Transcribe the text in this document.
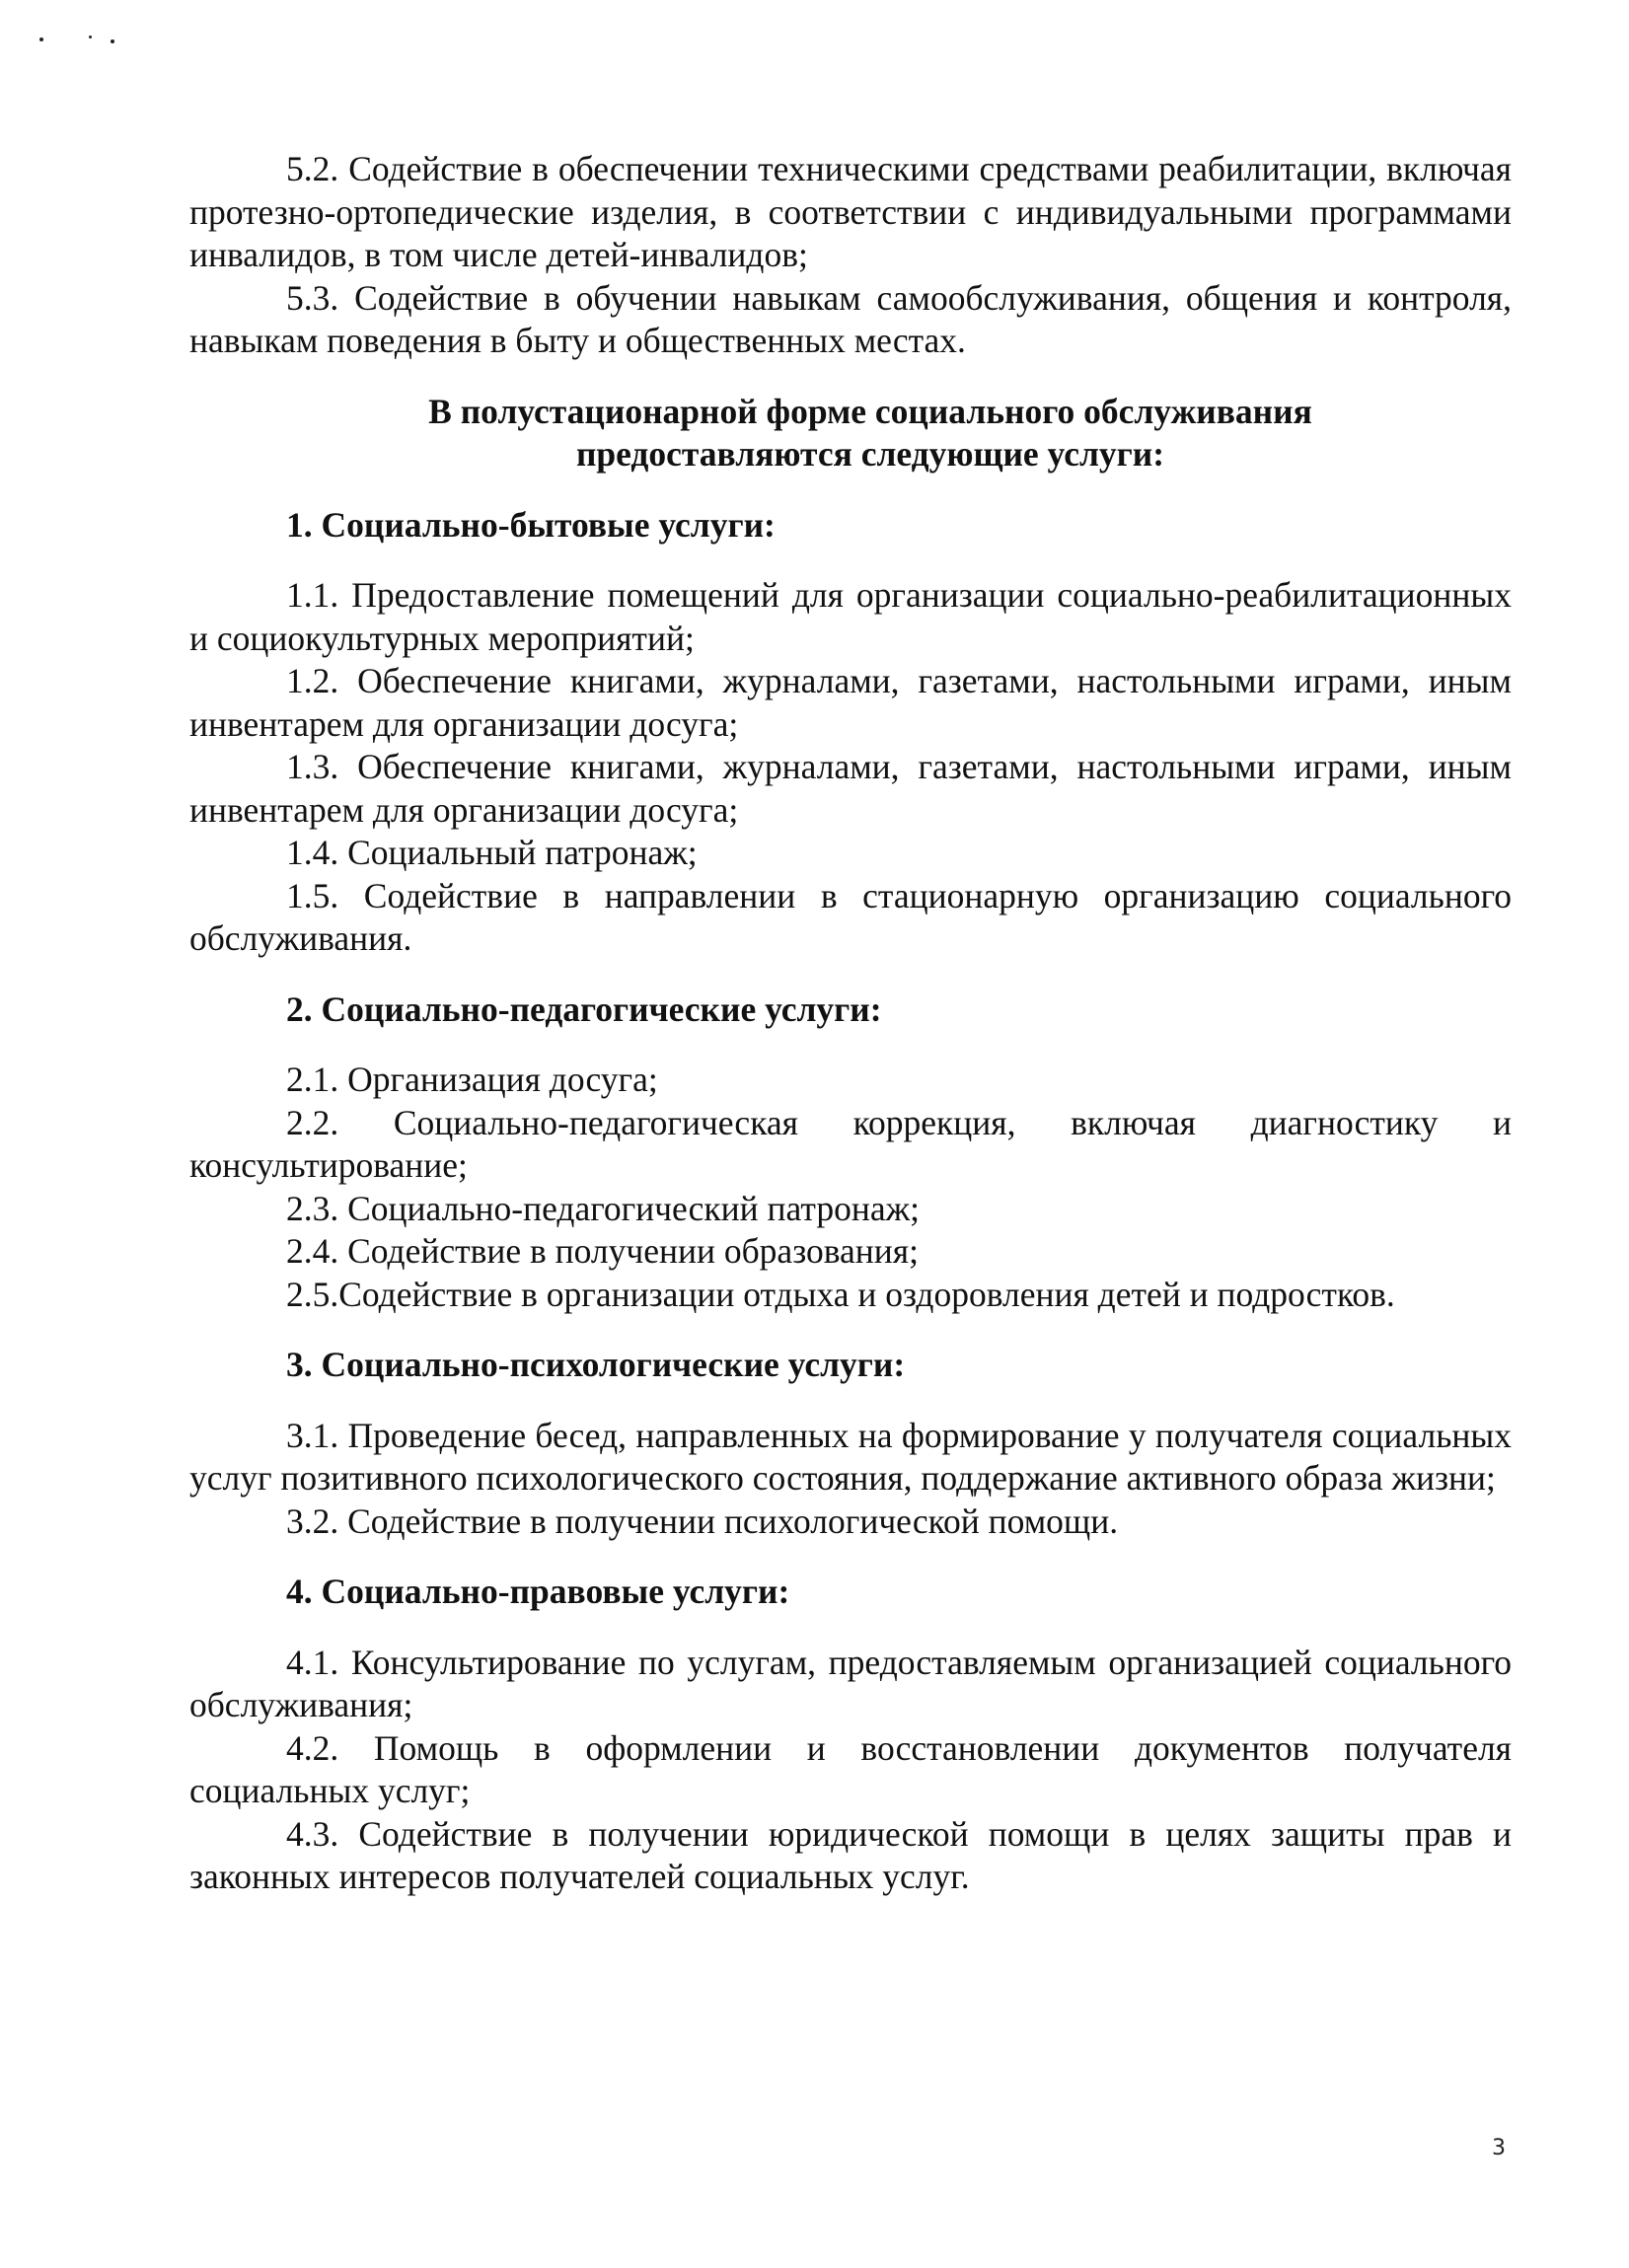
5.2. Содействие в обеспечении техническими средствами реабилитации, включая протезно-ортопедические изделия, в соответствии с индивидуальными программами инвалидов, в том числе детей-инвалидов;

5.3. Содействие в обучении навыкам самообслуживания, общения и контроля, навыкам поведения в быту и общественных местах.

В полустационарной форме социального обслуживания

предоставляются следующие услуги:

1. Социально-бытовые услуги:

1.1. Предоставление помещений для организации социально-реабилитационных и социокультурных мероприятий;

1.2. Обеспечение книгами, журналами, газетами, настольными играми, иным инвентарем для организации досуга;

1.3. Обеспечение книгами, журналами, газетами, настольными играми, иным инвентарем для организации досуга;

1.4. Социальный патронаж;

1.5. Содействие в направлении в стационарную организацию социального обслуживания.

2. Социально-педагогические услуги:

2.1. Организация досуга;

2.2. Социально-педагогическая коррекция, включая диагностику и консультирование;

2.3. Социально-педагогический патронаж;

2.4. Содействие в получении образования;

2.5.Содействие в организации отдыха и оздоровления детей и подростков.

3. Социально-психологические услуги:

3.1. Проведение бесед, направленных на формирование у получателя социальных услуг позитивного психологического состояния, поддержание активного образа жизни;

3.2. Содействие в получении психологической помощи.

4. Социально-правовые услуги:

4.1. Консультирование по услугам, предоставляемым организацией социального обслуживания;

4.2. Помощь в оформлении и восстановлении документов получателя социальных услуг;

4.3. Содействие в получении юридической помощи в целях защиты прав и законных интересов получателей социальных услуг.

3
